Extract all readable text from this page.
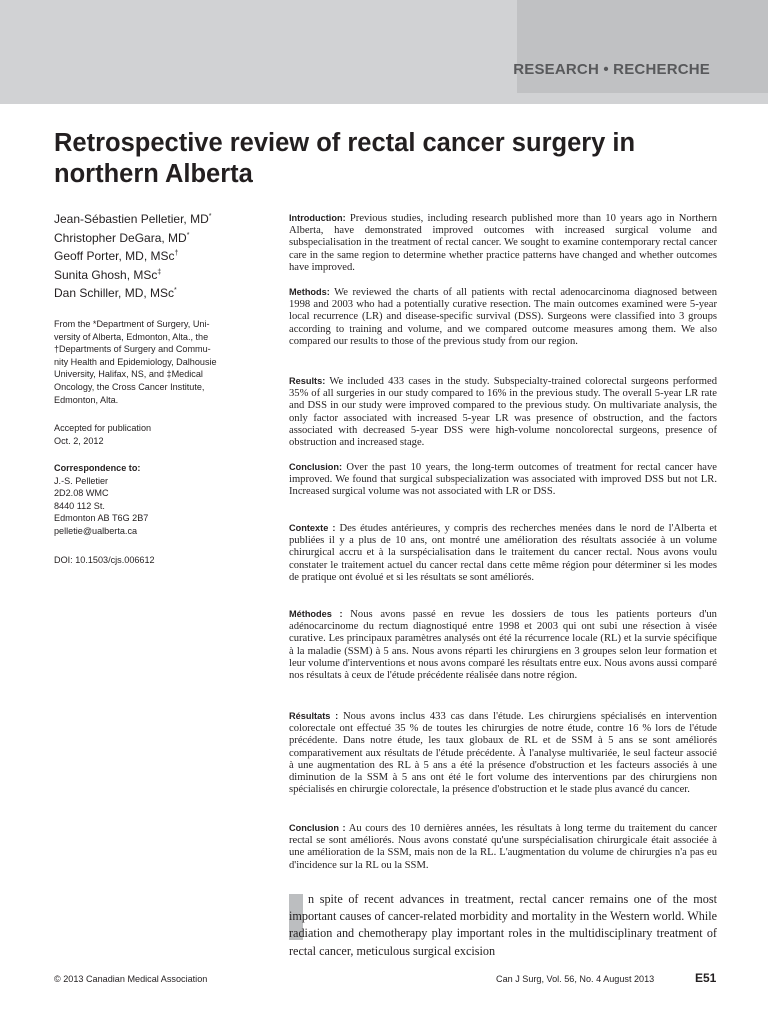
RESEARCH • RECHERCHE
Retrospective review of rectal cancer surgery in northern Alberta
Jean-Sébastien Pelletier, MD*
Christopher DeGara, MD*
Geoff Porter, MD, MSc†
Sunita Ghosh, MSc‡
Dan Schiller, MD, MSc*
From the *Department of Surgery, Uni-
versity of Alberta, Edmonton, Alta., the
†Departments of Surgery and Commu-
nity Health and Epidemiology, Dalhousie
University, Halifax, NS, and ‡Medical
Oncology, the Cross Cancer Institute,
Edmonton, Alta.
Accepted for publication
Oct. 2, 2012
Correspondence to:
J.-S. Pelletier
2D2.08 WMC
8440 112 St.
Edmonton AB T6G 2B7
pelletie@ualberta.ca
DOI: 10.1503/cjs.006612

Introduction: Previous studies, including research published more than 10 years ago in Northern Alberta, have demonstrated improved outcomes with increased surgical volume and subspecialisation in the treatment of rectal cancer. We sought to examine contemporary rectal cancer care in the same region to determine whether practice patterns have changed and whether outcomes have improved.

Methods: We reviewed the charts of all patients with rectal adenocarcinoma diagnosed between 1998 and 2003 who had a potentially curative resection. The main outcomes examined were 5-year local recurrence (LR) and disease-specific survival (DSS). Surgeons were classified into 3 groups according to training and volume, and we compared outcome measures among them. We also compared our results to those of the previous study from our region.

Results: We included 433 cases in the study. Subspecialty-trained colorectal surgeons performed 35% of all surgeries in our study compared to 16% in the previous study. The overall 5-year LR rate and DSS in our study were improved compared to the previous study. On multivariate analysis, the only factor associated with increased 5-year LR was presence of obstruction, and the factors associated with decreased 5-year DSS were high-volume noncolorectal surgeons, presence of obstruction and increased stage.

Conclusion: Over the past 10 years, the long-term outcomes of treatment for rectal cancer have improved. We found that surgical subspecialization was associated with improved DSS but not LR. Increased surgical volume was not associated with LR or DSS.

Contexte : Des études antérieures, y compris des recherches menées dans le nord de l'Alberta et publiées il y a plus de 10 ans, ont montré une amélioration des résultats associée à un volume chirurgical accru et à la surspécialisation dans le traitement du cancer rectal. Nous avons voulu constater le traitement actuel du cancer rectal dans cette même région pour déterminer si les modes de pratique ont évolué et si les résultats se sont améliorés.

Méthodes : Nous avons passé en revue les dossiers de tous les patients porteurs d'un adénocarcinome du rectum diagnostiqué entre 1998 et 2003 qui ont subi une résection à visée curative. Les principaux paramètres analysés ont été la récurrence locale (RL) et la survie spécifique à la maladie (SSM) à 5 ans. Nous avons réparti les chirurgiens en 3 groupes selon leur formation et leur volume d'interventions et nous avons comparé les résultats entre eux. Nous avons aussi comparé nos résultats à ceux de l'étude précédente réalisée dans notre région.

Résultats : Nous avons inclus 433 cas dans l'étude. Les chirurgiens spécialisés en intervention colorectale ont effectué 35 % de toutes les chirurgies de notre étude, contre 16 % lors de l'étude précédente. Dans notre étude, les taux globaux de RL et de SSM à 5 ans se sont améliorés comparativement aux résultats de l'étude précédente. À l'analyse multivariée, le seul facteur associé à une augmentation des RL à 5 ans a été la présence d'obstruction et les facteurs associés à une diminution de la SSM à 5 ans ont été le fort volume des interventions par des chirurgiens non spécialisés en chirurgie colorectale, la présence d'obstruction et le stade plus avancé du cancer.

Conclusion : Au cours des 10 dernières années, les résultats à long terme du traitement du cancer rectal se sont améliorés. Nous avons constaté qu'une surspécialisation chirurgicale était associée à une amélioration de la SSM, mais non de la RL. L'augmentation du volume de chirurgies n'a pas eu d'incidence sur la RL ou la SSM.

n spite of recent advances in treatment, rectal cancer remains one of the most important causes of cancer-related morbidity and mortality in the Western world. While radiation and chemotherapy play important roles in the multidisciplinary treatment of rectal cancer, meticulous surgical excision

© 2013 Canadian Medical Association	Can J Surg, Vol. 56, No. 4 August 2013	E51
